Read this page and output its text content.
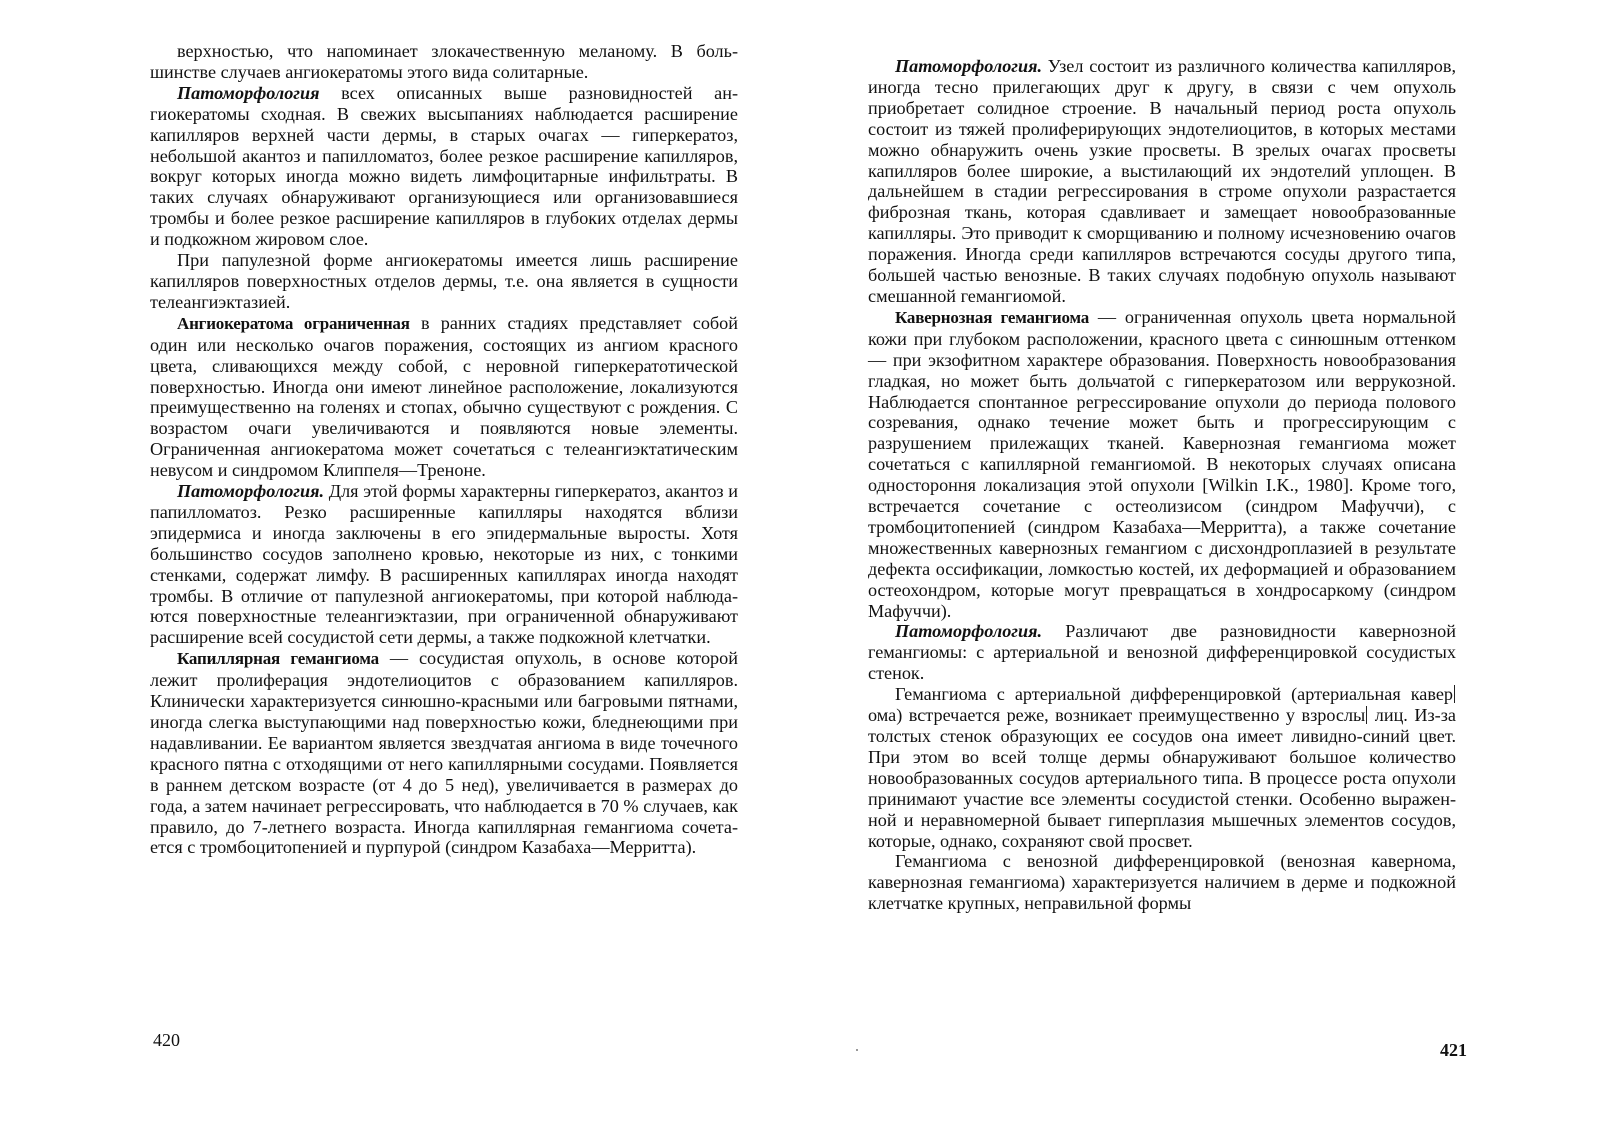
верхностью, что напоминает злокачественную меланому. В большинстве случаев ангиокератомы этого вида солитарные.

Патоморфология всех описанных выше разновидностей ангиокератомы сходная. В свежих высыпаниях наблюдается расширение капилляров верхней части дермы, в старых очагах — гиперкератоз, небольшой акантоз и папилломатоз, более резкое расширение капилляров, вокруг которых иногда можно видеть лимфоцитарные инфильтраты. В таких случаях обнаруживают организующиеся или организовавшиеся тромбы и более резкое расширение капилляров в глубоких отделах дермы и подкожном жировом слое.

При папулезной форме ангиокератомы имеется лишь расширение капилляров поверхностных отделов дермы, т.е. она является в сущности телеангиэктазией.

Ангиокератома ограниченная в ранних стадиях представляет собой один или несколько очагов поражения, состоящих из ангиом красного цвета, сливающихся между собой, с неровной гиперкератотической поверхностью. Иногда они имеют линейное расположение, локализуются преимущественно на голенях и стопах, обычно существуют с рождения. С возрастом очаги увеличиваются и появляются новые элементы. Ограниченная ангиокератома может сочетаться с телеангиэктатическим невусом и синдромом Клиппеля—Треноне.

Патоморфология. Для этой формы характерны гиперкератоз, акантоз и папилломатоз. Резко расширенные капилляры находятся вблизи эпидермиса и иногда заключены в его эпидермальные выросты. Хотя большинство сосудов заполнено кровью, некоторые из них, с тонкими стенками, содержат лимфу. В расширенных капиллярах иногда находят тромбы. В отличие от папулезной ангиокератомы, при которой наблюдаются поверхностные телеангиэктазии, при ограниченной обнаруживают расширение всей сосудистой сети дермы, а также подкожной клетчатки.

Капиллярная гемангиома — сосудистая опухоль, в основе которой лежит пролиферация эндотелиоцитов с образованием капилляров. Клинически характеризуется синюшно-красными или багровыми пятнами, иногда слегка выступающими над поверхностью кожи, бледнеющими при надавливании. Ее вариантом является звездчатая ангиома в виде точечного красного пятна с отходящими от него капиллярными сосудами. Появляется в раннем детском возрасте (от 4 до 5 нед), увеличивается в размерах до года, а затем начинает регрессировать, что наблюдается в 70 % случаев, как правило, до 7-летнего возраста. Иногда капиллярная гемангиома сочетается с тромбоцитопенией и пурпурой (синдром Казабаха—Мерритта).

420

Патоморфология. Узел состоит из различного количества капилляров, иногда тесно прилегающих друг к другу, в связи с чем опухоль приобретает солидное строение. В начальный период роста опухоль состоит из тяжей пролиферирующих эндотелиоцитов, в которых местами можно обнаружить очень узкие просветы. В зрелых очагах просветы капилляров более широкие, а выстилающий их эндотелий уплощен. В дальнейшем в стадии регрессирования в строме опухоли разрастается фиброзная ткань, которая сдавливает и замещает новообразованные капилляры. Это приводит к сморщиванию и полному исчезновению очагов поражения. Иногда среди капилляров встречаются сосуды другого типа, большей частью венозные. В таких случаях подобную опухоль называют смешанной гемангиомой.

Кавернозная гемангиома — ограниченная опухоль цвета нормальной кожи при глубоком расположении, красного цвета с синюшным оттенком — при экзофитном характере образования. Поверхность новообразования гладкая, но может быть дольчатой с гиперкератозом или веррукозной. Наблюдается спонтанное регрессирование опухоли до периода полового созревания, однако течение может быть и прогрессирующим с разрушением прилежащих тканей. Кавернозная гемангиома может сочетаться с капиллярной гемангиомой. В некоторых случаях описана одностороння локализация этой опухоли [Wilkin I.K., 1980]. Кроме того, встречается сочетание с остеолизисом (синдром Мафуччи), с тромбоцитопенией (синдром Казабаха—Мерритта), а также сочетание множественных кавернозных гемангиом с дисхондроплазией в результате дефекта оссификации, ломкостью костей, их деформацией и образованием остеохондром, которые могут превращаться в хондросаркому (синдром Мафуччи).

Патоморфология. Различают две разновидности кавернозной гемангиомы: с артериальной и венозной дифференцировкой сосудистых стенок.

Гемангиома с артериальной дифференцировкой (артериальная каверома) встречается реже, возникает преимущественно у взрослы лиц. Из-за толстых стенок образующих ее сосудов она имеет ливидно-синий цвет. При этом во всей толще дермы обнаруживают большое количество новообразованных сосудов артериального типа. В процессе роста опухоли принимают участие все элементы сосудистой стенки. Особенно выраженной и неравномерной бывает гиперплазия мышечных элементов сосудов, которые, однако, сохраняют свой просвет.

Гемангиома с венозной дифференцировкой (венозная кавернома, кавернозная гемангиома) характеризуется наличием в дерме и подкожной клетчатке крупных, неправильной формы

421
